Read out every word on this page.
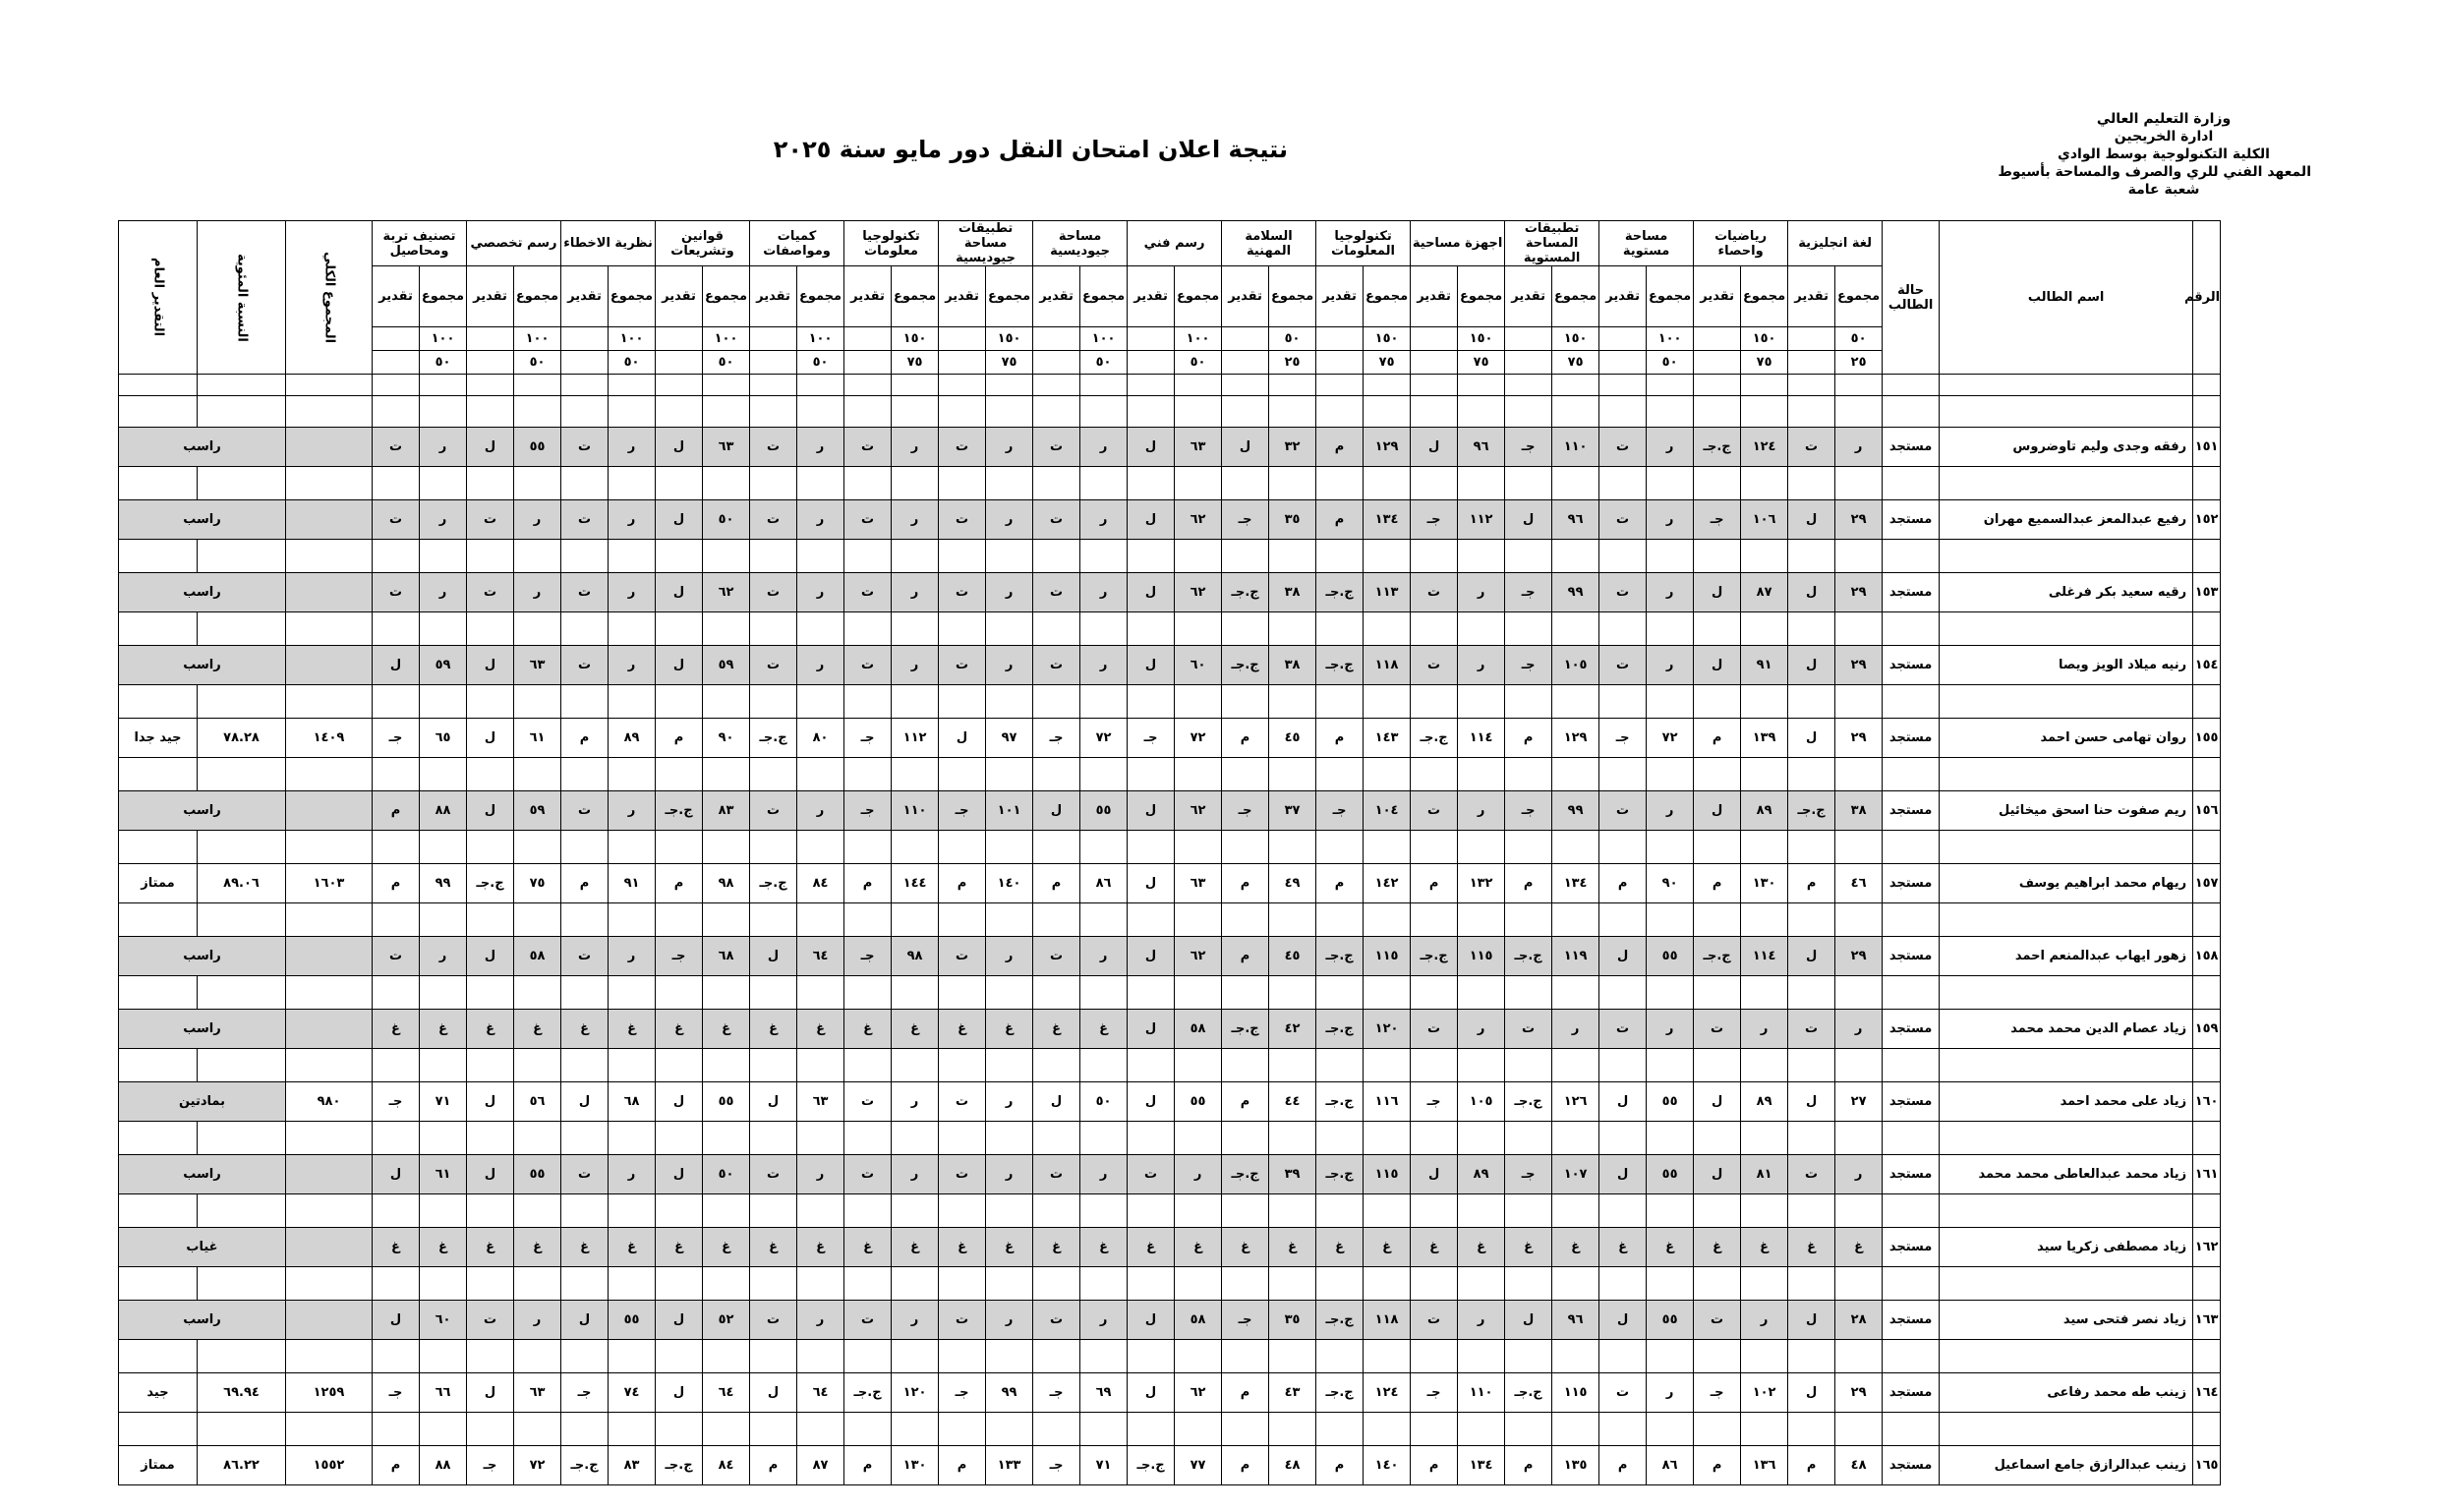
وزارة التعليم العالي
ادارة الخريجين
الكلية التكنولوجية بوسط الوادي
المعهد الفني للري والصرف والمساحة بأسيوط
شعبة عامة
نتيجة اعلان امتحان النقل دور مايو سنة ٢٠٢٥
الرقم	اسم الطالب	حالة الطالب	لغة انجليزية		رياضيات واحصاء		مساحة مستوية		تطبيقات المساحة المستوية		اجهزة مساحية		تكنولوجيا المعلومات		السلامة المهنية		رسم فني		مساحة جيوديسية		تطبيقات مساحة جيوديسية		تكنولوجيا معلومات		كميات ومواصفات		قوانين وتشريعات		نظرية الاخطاء		رسم تخصصي		تصنيف تربة ومحاصيل		المجموع الكلي	النسبة المئوية	التقدير العام
			مجموع	تقدير	مجموع	تقدير	مجموع	تقدير	مجموع	تقدير	مجموع	تقدير	مجموع	تقدير	مجموع	تقدير	مجموع	تقدير	مجموع	تقدير	مجموع	تقدير	مجموع	تقدير	مجموع	تقدير	مجموع	تقدير	مجموع	تقدير	مجموع	تقدير	مجموع	تقدير			
			٥٠		١٥٠		١٠٠		١٥٠		١٥٠		١٥٠		٥٠		١٠٠		١٠٠		١٥٠		١٥٠		١٠٠		١٠٠		١٠٠		١٠٠		١٠٠				
			٢٥		٧٥		٥٠		٧٥		٧٥		٧٥		٢٥		٥٠		٥٠		٧٥		٧٥		٥٠		٥٠		٥٠		٥٠		٥٠				

١٥١	رفقه وجدى وليم تاوضروس	مستجد	ر	ت	١٢٤	ج.جـ	ر	ت	١١٠	جـ	٩٦	ل	١٢٩	م	٣٢	ل	٦٣	ل	ر	ت	ر	ت	ر	ت	ر	ت	٦٣	ل	ر	ت	٥٥	ل	ر	ت		راسب	

١٥٢	رفيع عبدالمعز عبدالسميع مهران	مستجد	٢٩	ل	١٠٦	جـ	ر	ت	٩٦	ل	١١٢	جـ	١٣٤	م	٣٥	جـ	٦٢	ل	ر	ت	ر	ت	ر	ت	ر	ت	٥٠	ل	ر	ت	ر	ت	ر	ت		راسب	

١٥٣	رقيه سعيد بكر فرغلى	مستجد	٢٩	ل	٨٧	ل	ر	ت	٩٩	جـ	ر	ت	١١٣	ج.جـ	٣٨	ج.جـ	٦٢	ل	ر	ت	ر	ت	ر	ت	ر	ت	٦٢	ل	ر	ت	ر	ت	ر	ت		راسب	

١٥٤	رنيه ميلاد الويز ويصا	مستجد	٢٩	ل	٩١	ل	ر	ت	١٠٥	جـ	ر	ت	١١٨	ج.جـ	٣٨	ج.جـ	٦٠	ل	ر	ت	ر	ت	ر	ت	ر	ت	٥٩	ل	ر	ت	٦٣	ل	٥٩	ل		راسب	

١٥٥	روان تهامى حسن احمد	مستجد	٢٩	ل	١٣٩	م	٧٢	جـ	١٢٩	م	١١٤	ج.جـ	١٤٣	م	٤٥	م	٧٢	جـ	٧٢	جـ	٩٧	ل	١١٢	جـ	٨٠	ج.جـ	٩٠	م	٨٩	م	٦١	ل	٦٥	جـ	١٤٠٩	٧٨.٢٨	جيد جدا

١٥٦	ريم صفوت حنا اسحق ميخائيل	مستجد	٣٨	ج.جـ	٨٩	ل	ر	ت	٩٩	جـ	ر	ت	١٠٤	جـ	٣٧	جـ	٦٢	ل	٥٥	ل	١٠١	جـ	١١٠	جـ	ر	ت	٨٣	ج.جـ	ر	ت	٥٩	ل	٨٨	م		راسب	

١٥٧	ريهام محمد ابراهيم يوسف	مستجد	٤٦	م	١٣٠	م	٩٠	م	١٣٤	م	١٣٢	م	١٤٢	م	٤٩	م	٦٣	ل	٨٦	م	١٤٠	م	١٤٤	م	٨٤	ج.جـ	٩٨	م	٩١	م	٧٥	ج.جـ	٩٩	م	١٦٠٣	٨٩.٠٦	ممتاز

١٥٨	زهور ايهاب عبدالمنعم احمد	مستجد	٢٩	ل	١١٤	ج.جـ	٥٥	ل	١١٩	ج.جـ	١١٥	ج.جـ	١١٥	ج.جـ	٤٥	م	٦٢	ل	ر	ت	ر	ت	٩٨	جـ	٦٤	ل	٦٨	جـ	ر	ت	٥٨	ل	ر	ت		راسب	

١٥٩	زياد عصام الدين محمد محمد	مستجد	ر	ت	ر	ت	ر	ت	ر	ت	ر	ت	١٢٠	ج.جـ	٤٢	ج.جـ	٥٨	ل	غ	غ	غ	غ	غ	غ	غ	غ	غ	غ	غ	غ	غ	غ	غ	غ		راسب	

١٦٠	زياد على محمد احمد	مستجد	٢٧	ل	٨٩	ل	٥٥	ل	١٢٦	ج.جـ	١٠٥	جـ	١١٦	ج.جـ	٤٤	م	٥٥	ل	٥٠	ل	ر	ت	ر	ت	٦٣	ل	٥٥	ل	٦٨	ل	٥٦	ل	٧١	جـ	٩٨٠	بمادتين	

١٦١	زياد محمد عبدالعاطى محمد محمد	مستجد	ر	ت	٨١	ل	٥٥	ل	١٠٧	جـ	٨٩	ل	١١٥	ج.جـ	٣٩	ج.جـ	ر	ت	ر	ت	ر	ت	ر	ت	ر	ت	٥٠	ل	ر	ت	٥٥	ل	٦١	ل		راسب	

١٦٢	زياد مصطفى زكريا سيد	مستجد	غ	غ	غ	غ	غ	غ	غ	غ	غ	غ	غ	غ	غ	غ	غ	غ	غ	غ	غ	غ	غ	غ	غ	غ	غ	غ	غ	غ	غ	غ	غ	غ		غياب	

١٦٣	زياد نصر فتحى سيد	مستجد	٢٨	ل	ر	ت	٥٥	ل	٩٦	ل	ر	ت	١١٨	ج.جـ	٣٥	جـ	٥٨	ل	ر	ت	ر	ت	ر	ت	ر	ت	٥٢	ل	٥٥	ل	ر	ت	٦٠	ل		راسب	

١٦٤	زينب طه محمد رفاعى	مستجد	٢٩	ل	١٠٢	جـ	ر	ت	١١٥	ج.جـ	١١٠	جـ	١٢٤	ج.جـ	٤٣	م	٦٢	ل	٦٩	جـ	٩٩	جـ	١٢٠	ج.جـ	٦٤	ل	٦٤	ل	٧٤	جـ	٦٣	ل	٦٦	جـ	١٢٥٩	٦٩.٩٤	جيد

١٦٥	زينب عبدالرازق جامع اسماعيل	مستجد	٤٨	م	١٣٦	م	٨٦	م	١٣٥	م	١٣٤	م	١٤٠	م	٤٨	م	٧٧	ج.جـ	٧١	جـ	١٣٣	م	١٣٠	م	٨٧	م	٨٤	ج.جـ	٨٣	ج.جـ	٧٢	جـ	٨٨	م	١٥٥٢	٨٦.٢٢	ممتاز
